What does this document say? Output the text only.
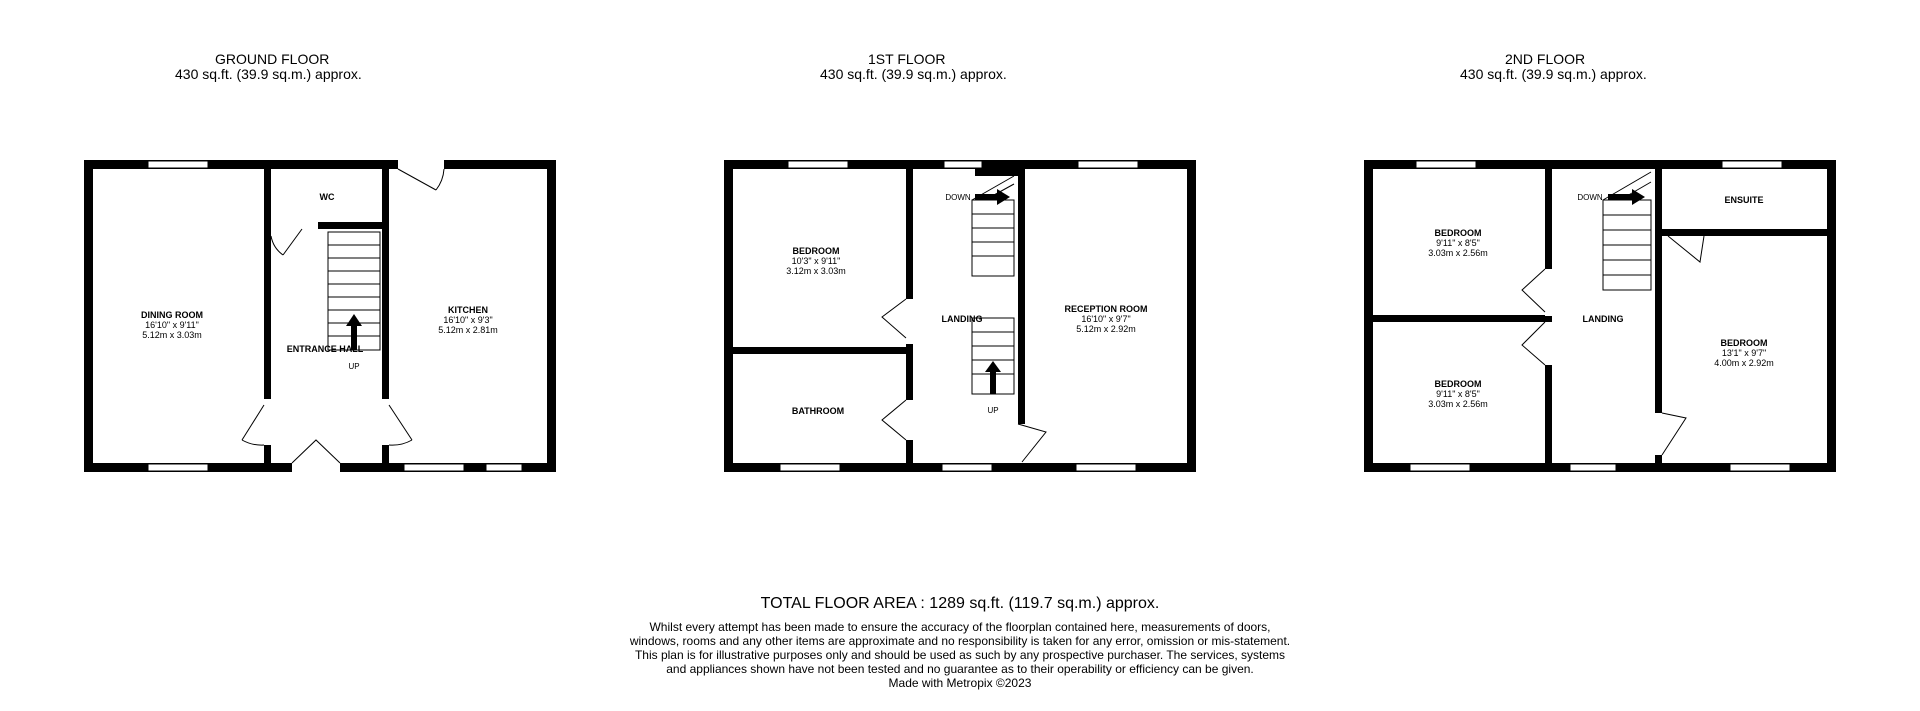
GROUND FLOOR
430 sq.ft. (39.9 sq.m.) approx.
1ST FLOOR
430 sq.ft. (39.9 sq.m.) approx.
2ND FLOOR
430 sq.ft. (39.9 sq.m.) approx.
DINING ROOM
16'10" x 9'11"
5.12m x 3.03m
WC
ENTRANCE HALL
UP
KITCHEN
16'10" x 9'3"
5.12m x 2.81m
BEDROOM
10'3" x 9'11"
3.12m x 3.03m
BATHROOM
LANDING
DOWN
UP
RECEPTION ROOM
16'10" x 9'7"
5.12m x 2.92m
BEDROOM
9'11" x 8'5"
3.03m x 2.56m
BEDROOM
9'11" x 8'5"
3.03m x 2.56m
LANDING
DOWN	ENSUITE
BEDROOM
13'1" x 9'7"
4.00m x 2.92m
TOTAL FLOOR AREA : 1289 sq.ft. (119.7 sq.m.) approx.
Whilst every attempt has been made to ensure the accuracy of the floorplan contained here, measurements of doors, windows, rooms and any other items are approximate and no responsibility is taken for any error, omission or mis-statement. This plan is for illustrative purposes only and should be used as such by any prospective purchaser. The services, systems and appliances shown have not been tested and no guarantee as to their operability or efficiency can be given.
Made with Metropix ©2023
